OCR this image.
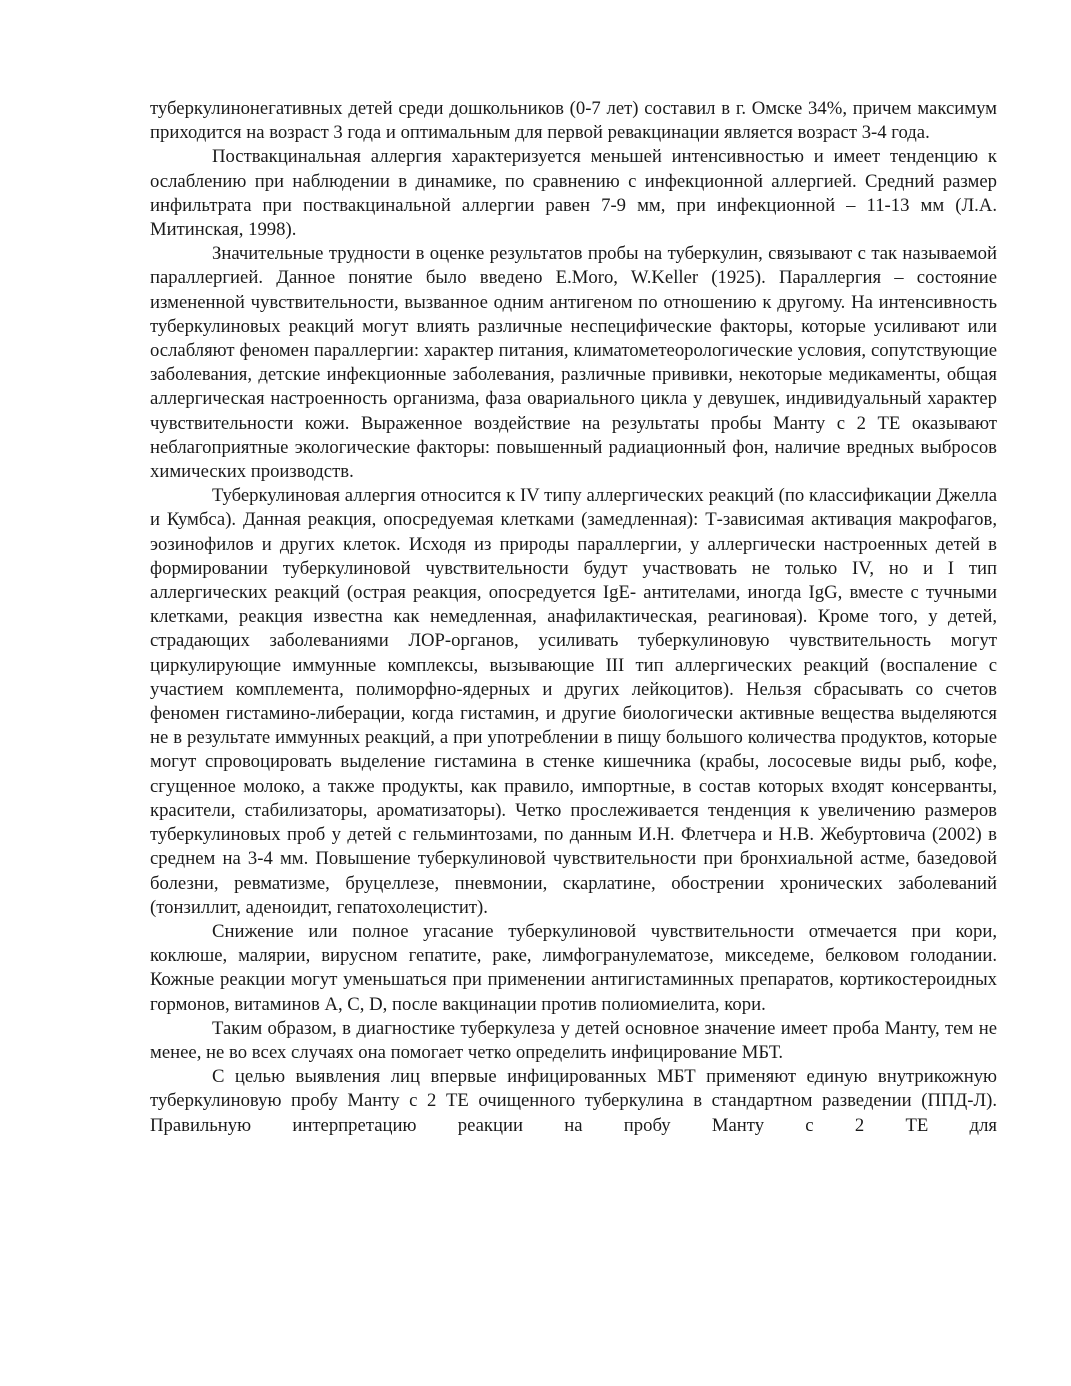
туберкулинонегативных детей среди дошкольников (0-7 лет) составил в г. Омске 34%, причем максимум приходится на возраст 3 года и оптимальным для первой ревакцинации является возраст 3-4 года.

Поствакцинальная аллергия характеризуется меньшей интенсивностью и имеет тенденцию к ослаблению при наблюдении в динамике, по сравнению с инфекционной аллергией. Средний размер инфильтрата при поствакцинальной аллергии равен 7-9 мм, при инфекционной – 11-13 мм (Л.А. Митинская, 1998).

Значительные трудности в оценке результатов пробы на туберкулин, связывают с так называемой параллергией. Данное понятие было введено E.Moro, W.Keller (1925). Параллергия – состояние измененной чувствительности, вызванное одним антигеном по отношению к другому. На интенсивность туберкулиновых реакций могут влиять различные неспецифические факторы, которые усиливают или ослабляют феномен параллергии: характер питания, климатометеорологические условия, сопутствующие заболевания, детские инфекционные заболевания, различные прививки, некоторые медикаменты, общая аллергическая настроенность организма, фаза овариального цикла у девушек, индивидуальный характер чувствительности кожи. Выраженное воздействие на результаты пробы Манту с 2 ТЕ оказывают неблагоприятные экологические факторы: повышенный радиационный фон, наличие вредных выбросов химических производств.

Туберкулиновая аллергия относится к IV типу аллергических реакций (по классификации Джелла и Кумбса). Данная реакция, опосредуемая клетками (замедленная): Т-зависимая активация макрофагов, эозинофилов и других клеток. Исходя из природы параллергии, у аллергически настроенных детей в формировании туберкулиновой чувствительности будут участвовать не только IV, но и I тип аллергических реакций (острая реакция, опосредуется IgE- антителами, иногда IgG, вместе с тучными клетками, реакция известна как немедленная, анафилактическая, реагиновая). Кроме того, у детей, страдающих заболеваниями ЛОР-органов, усиливать туберкулиновую чувствительность могут циркулирующие иммунные комплексы, вызывающие III тип аллергических реакций (воспаление с участием комплемента, полиморфно-ядерных и других лейкоцитов). Нельзя сбрасывать со счетов феномен гистамино-либерации, когда гистамин, и другие биологически активные вещества выделяются не в результате иммунных реакций, а при употреблении в пищу большого количества продуктов, которые могут спровоцировать выделение гистамина в стенке кишечника (крабы, лососевые виды рыб, кофе, сгущенное молоко, а также продукты, как правило, импортные, в состав которых входят консерванты, красители, стабилизаторы, ароматизаторы). Четко прослеживается тенденция к увеличению размеров туберкулиновых проб у детей с гельминтозами, по данным И.Н. Флетчера и Н.В. Жебуртовича (2002) в среднем на 3-4 мм. Повышение туберкулиновой чувствительности при бронхиальной астме, базедовой болезни, ревматизме, бруцеллезе, пневмонии, скарлатине, обострении хронических заболеваний (тонзиллит, аденоидит, гепатохолецистит).

Снижение или полное угасание туберкулиновой чувствительности отмечается при кори, коклюше, малярии, вирусном гепатите, раке, лимфогранулематозе, микседеме, белковом голодании. Кожные реакции могут уменьшаться при применении антигистаминных препаратов, кортикостероидных гормонов, витаминов А, С, D, после вакцинации против полиомиелита, кори.

Таким образом, в диагностике туберкулеза у детей основное значение имеет проба Манту, тем не менее, не во всех случаях она помогает четко определить инфицирование МБТ.

С целью выявления лиц впервые инфицированных МБТ применяют единую внутрикожную туберкулиновую пробу Манту с 2 ТЕ очищенного туберкулина в стандартном разведении (ППД-Л). Правильную интерпретацию реакции на пробу Манту с 2 ТЕ для
